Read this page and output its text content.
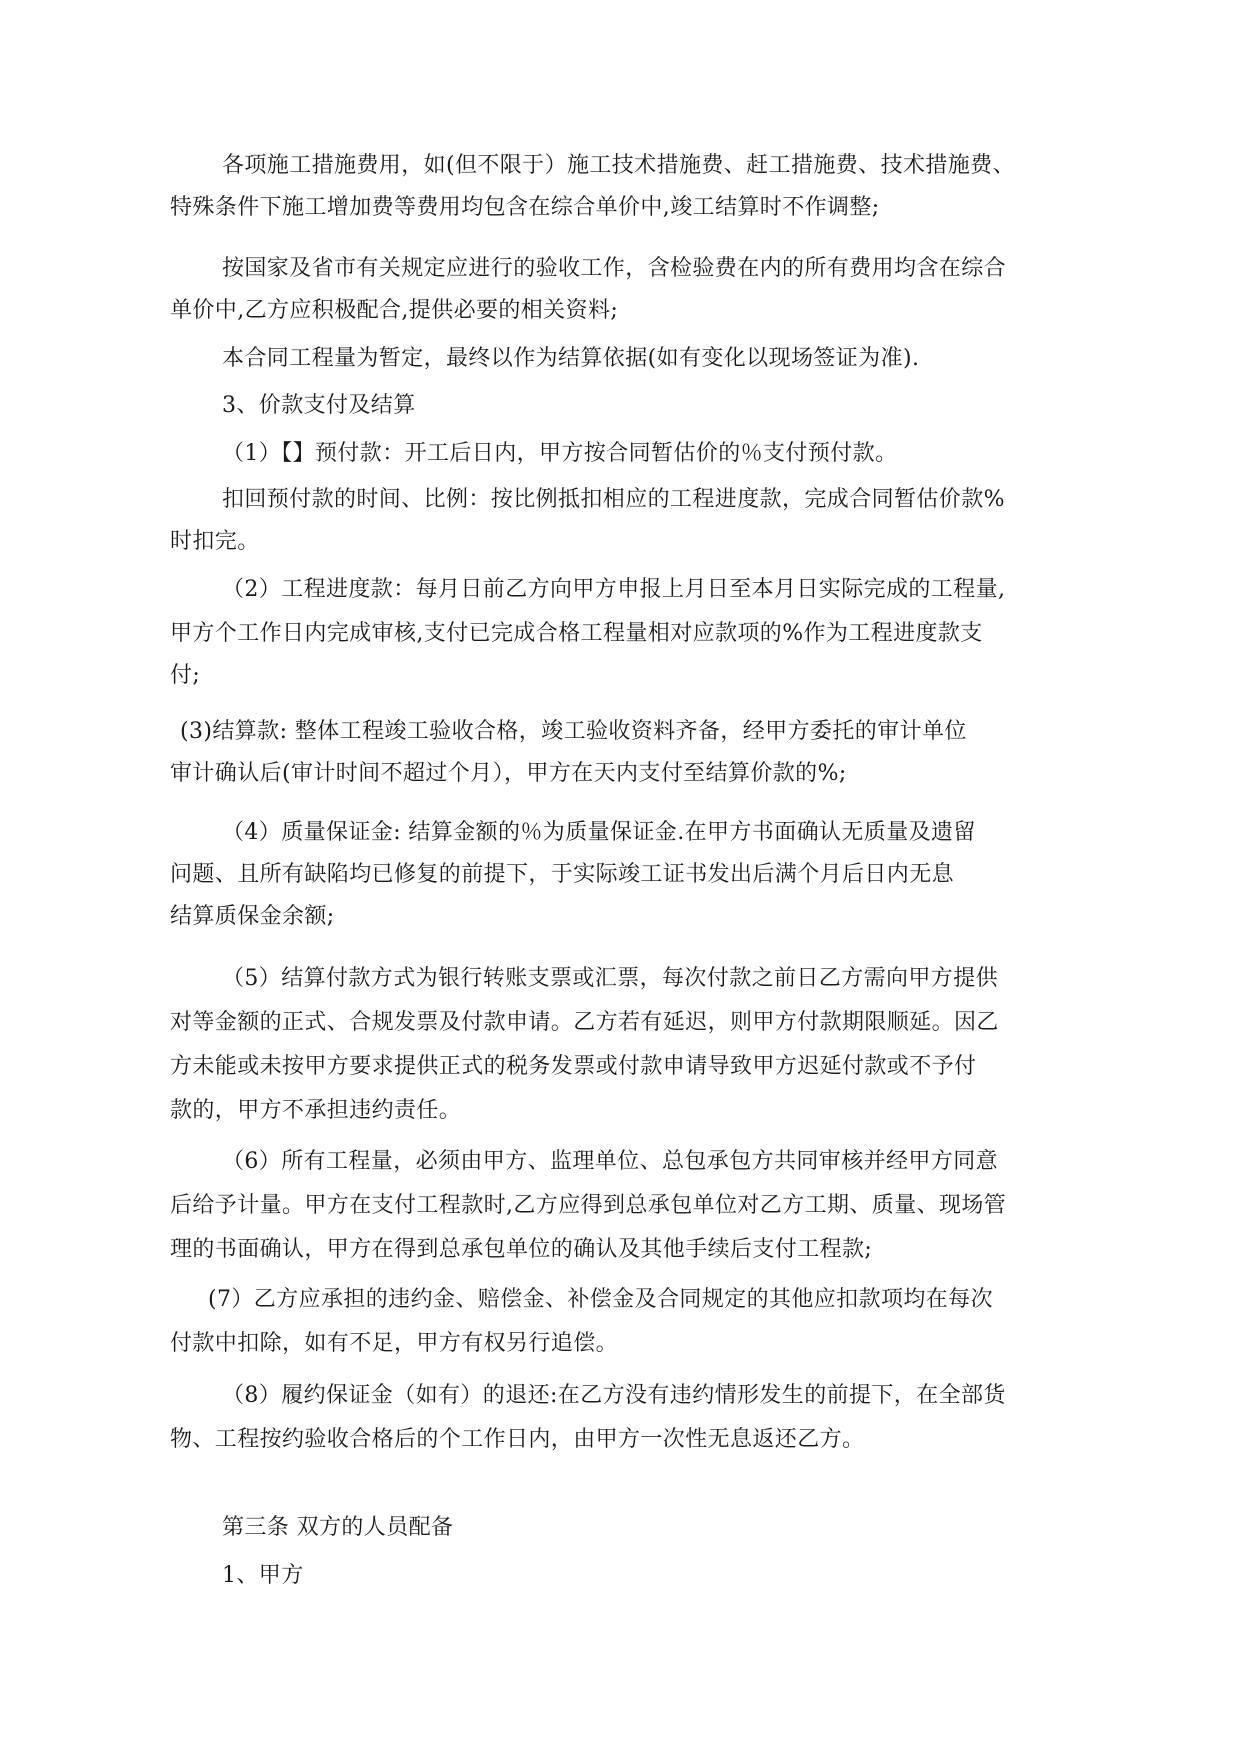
各项施工措施费用，如(但不限于）施工技术措施费、赶工措施费、技术措施费、
特殊条件下施工增加费等费用均包含在综合单价中,竣工结算时不作调整;
按国家及省市有关规定应进行的验收工作，含检验费在内的所有费用均含在综合
单价中,乙方应积极配合,提供必要的相关资料;
本合同工程量为暂定，最终以作为结算依据(如有变化以现场签证为准).
3、价款支付及结算
（1）【】预付款：开工后日内，甲方按合同暂估价的％支付预付款。
扣回预付款的时间、比例：按比例抵扣相应的工程进度款，完成合同暂估价款%
时扣完。
（2）工程进度款：每月日前乙方向甲方申报上月日至本月日实际完成的工程量,
甲方个工作日内完成审核,支付已完成合格工程量相对应款项的%作为工程进度款支
付;
(3)结算款: 整体工程竣工验收合格，竣工验收资料齐备，经甲方委托的审计单位
审计确认后(审计时间不超过个月），甲方在天内支付至结算价款的%;
（4）质量保证金: 结算金额的％为质量保证金.在甲方书面确认无质量及遗留
问题、且所有缺陷均已修复的前提下，于实际竣工证书发出后满个月后日内无息
结算质保金余额;
（5）结算付款方式为银行转账支票或汇票，每次付款之前日乙方需向甲方提供
对等金额的正式、合规发票及付款申请。乙方若有延迟，则甲方付款期限顺延。因乙
方未能或未按甲方要求提供正式的税务发票或付款申请导致甲方迟延付款或不予付
款的，甲方不承担违约责任。
（6）所有工程量，必须由甲方、监理单位、总包承包方共同审核并经甲方同意
后给予计量。甲方在支付工程款时,乙方应得到总承包单位对乙方工期、质量、现场管
理的书面确认，甲方在得到总承包单位的确认及其他手续后支付工程款;
(7）乙方应承担的违约金、赔偿金、补偿金及合同规定的其他应扣款项均在每次
付款中扣除，如有不足，甲方有权另行追偿。
（8）履约保证金（如有）的退还:在乙方没有违约情形发生的前提下，在全部货
物、工程按约验收合格后的个工作日内，由甲方一次性无息返还乙方。
第三条 双方的人员配备
1、甲方
